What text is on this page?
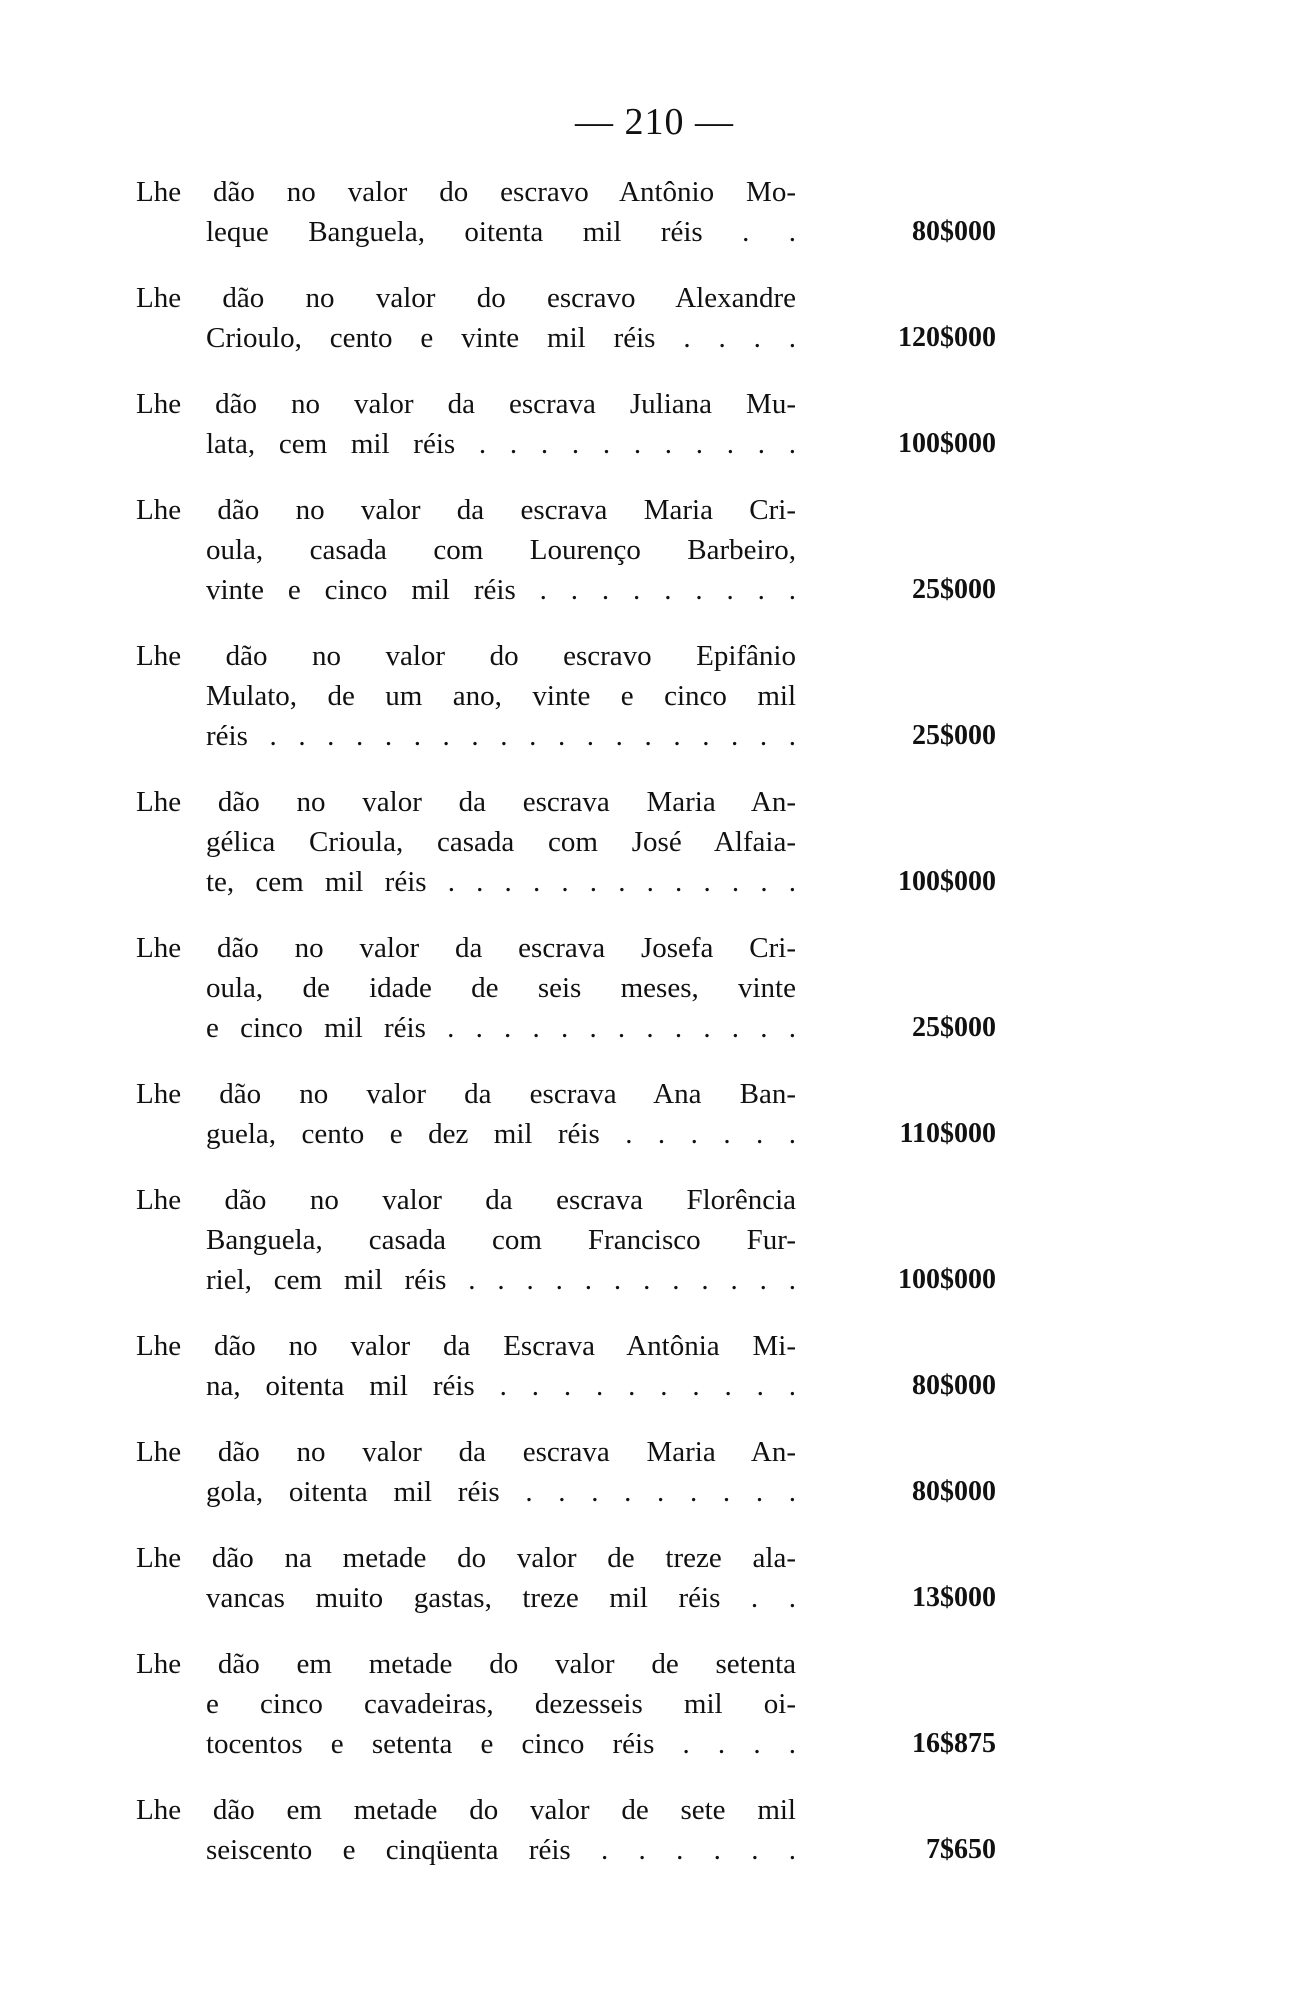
— 210 —
Lhe dão no valor do escravo Antônio Mo-
leque Banguela, oitenta mil réis . .	80$000
Lhe dão no valor do escravo Alexandre
Crioulo, cento e vinte mil réis . . . .	120$000
Lhe dão no valor da escrava Juliana Mu-
lata, cem mil réis . . . . . . . . . . .	100$000
Lhe dão no valor da escrava Maria Cri-
oula, casada com Lourenço Barbeiro,
vinte e cinco mil réis . . . . . . . . .	25$000
Lhe dão no valor do escravo Epifânio
Mulato, de um ano, vinte e cinco mil
réis . . . . . . . . . . . . . . . . . . .	25$000
Lhe dão no valor da escrava Maria An-
gélica Crioula, casada com José Alfaia-
te, cem mil réis . . . . . . . . . . . . .	100$000
Lhe dão no valor da escrava Josefa Cri-
oula, de idade de seis meses, vinte
e cinco mil réis . . . . . . . . . . . . .	25$000
Lhe dão no valor da escrava Ana Ban-
guela, cento e dez mil réis . . . . . .	110$000
Lhe dão no valor da escrava Florência
Banguela, casada com Francisco Fur-
riel, cem mil réis . . . . . . . . . . . .	100$000
Lhe dão no valor da Escrava Antônia Mi-
na, oitenta mil réis . . . . . . . . . .	80$000
Lhe dão no valor da escrava Maria An-
gola, oitenta mil réis . . . . . . . . .	80$000
Lhe dão na metade do valor de treze ala-
vancas muito gastas, treze mil réis . .	13$000
Lhe dão em metade do valor de setenta
e cinco cavadeiras, dezesseis mil oi-
tocentos e setenta e cinco réis . . . .	16$875
Lhe dão em metade do valor de sete mil
seiscento e cinqüenta réis . . . . . .	7$650
